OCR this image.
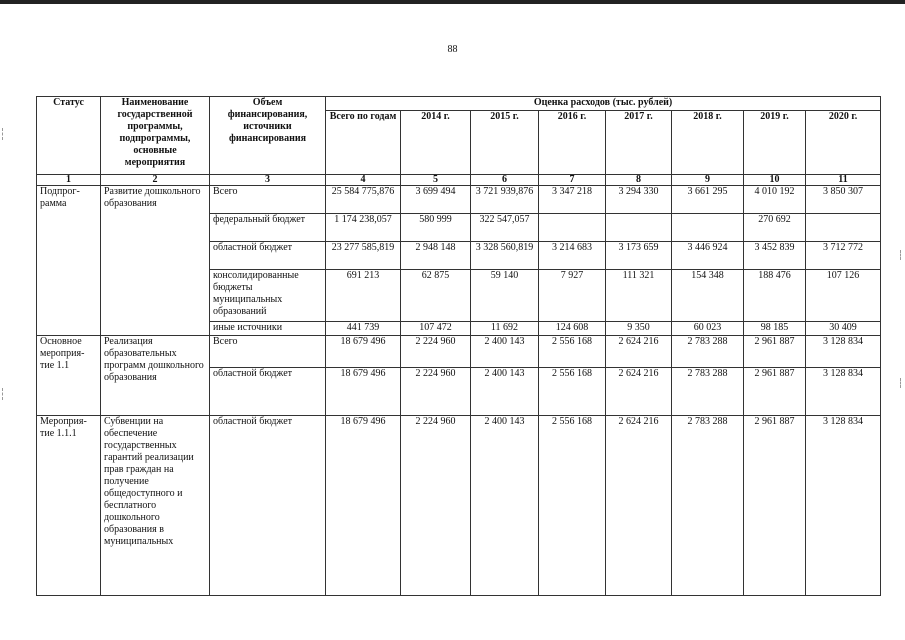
88
Статус	Наименование государственной программы, подпрограммы, основные мероприятия	Объем финансирования, источники финансирования	Оценка расходов (тыс. рублей)							
			Всего по годам	2014 г.	2015 г.	2016 г.	2017 г.	2018 г.	2019 г.	2020 г.
1	2	3	4	5	6	7	8	9	10	11
Подпрог-рамма	Развитие дошкольного образования	Всего	25 584 775,876	3 699 494	3 721 939,876	3 347 218	3 294 330	3 661 295	4 010 192	3 850 307
		федеральный бюджет	1 174 238,057	580 999	322 547,057				270 692	
		областной бюджет	23 277 585,819	2 948 148	3 328 560,819	3 214 683	3 173 659	3 446 924	3 452 839	3 712 772
		консолидированные бюджеты муниципальных образований	691 213	62 875	59 140	7 927	111 321	154 348	188 476	107 126
		иные источники	441 739	107 472	11 692	124 608	9 350	60 023	98 185	30 409
Основное мероприя-тие 1.1	Реализация образовательных программ дошкольного образования	Всего	18 679 496	2 224 960	2 400 143	2 556 168	2 624 216	2 783 288	2 961 887	3 128 834
		областной бюджет	18 679 496	2 224 960	2 400 143	2 556 168	2 624 216	2 783 288	2 961 887	3 128 834
Мероприя-тие 1.1.1	Субвенции на обеспечение государственных гарантий реализации прав граждан на получение общедоступного и бесплатного дошкольного образования в муниципальных	областной бюджет	18 679 496	2 224 960	2 400 143	2 556 168	2 624 216	2 783 288	2 961 887	3 128 834
